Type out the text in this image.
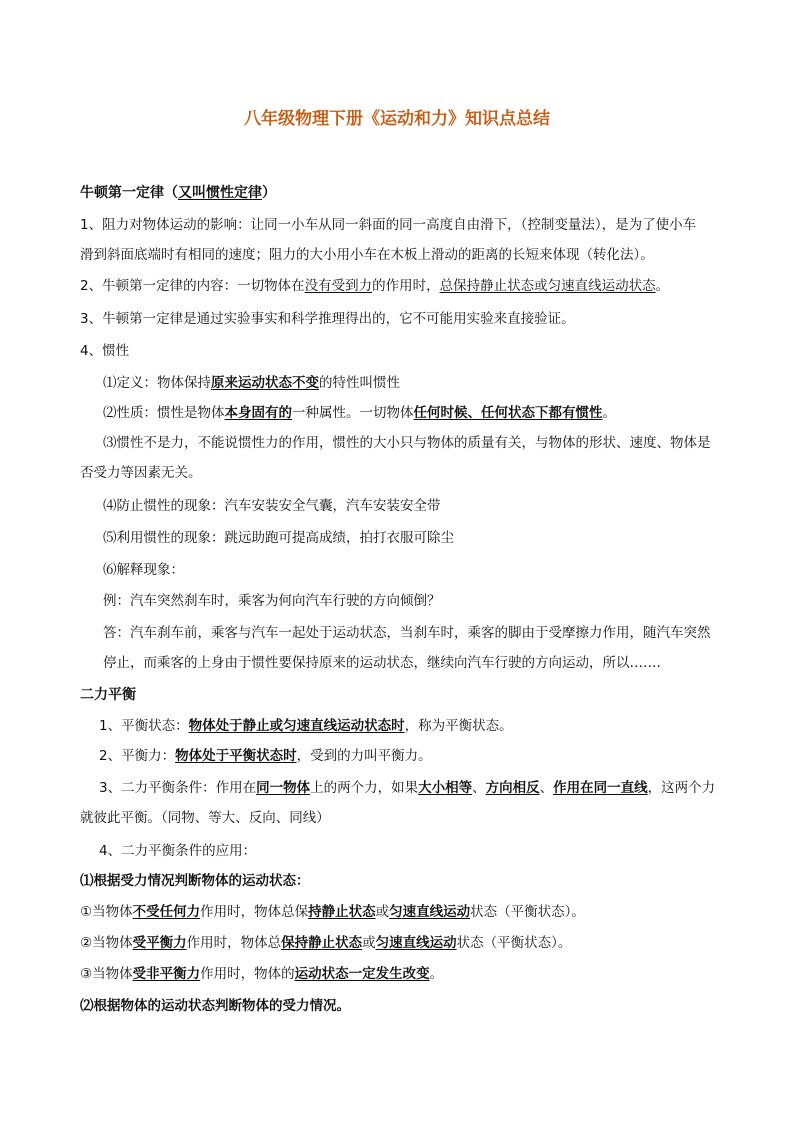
八年级物理下册《运动和力》知识点总结
牛顿第一定律（又叫惯性定律）
1、阻力对物体运动的影响：让同一小车从同一斜面的同一高度自由滑下，（控制变量法），是为了使小车
滑到斜面底端时有相同的速度；阻力的大小用小车在木板上滑动的距离的长短来体现（转化法）。
2、牛顿第一定律的内容：一切物体在没有受到力的作用时，总保持静止状态或匀速直线运动状态。
3、牛顿第一定律是通过实验事实和科学推理得出的，它不可能用实验来直接验证。
4、惯性
⑴定义：物体保持原来运动状态不变的特性叫惯性
⑵性质：惯性是物体本身固有的一种属性。一切物体任何时候、任何状态下都有惯性。
⑶惯性不是力，不能说惯性力的作用，惯性的大小只与物体的质量有关，与物体的形状、速度、物体是
否受力等因素无关。
⑷防止惯性的现象：汽车安装安全气囊，汽车安装安全带
⑸利用惯性的现象：跳远助跑可提高成绩，拍打衣服可除尘
⑹解释现象：
例：汽车突然刹车时，乘客为何向汽车行驶的方向倾倒？
答：汽车刹车前，乘客与汽车一起处于运动状态，当刹车时，乘客的脚由于受摩擦力作用，随汽车突然
停止，而乘客的上身由于惯性要保持原来的运动状态，继续向汽车行驶的方向运动，所以…….
二力平衡
1、平衡状态：物体处于静止或匀速直线运动状态时，称为平衡状态。
2、平衡力：物体处于平衡状态时，受到的力叫平衡力。
3、二力平衡条件：作用在同一物体上的两个力，如果大小相等、方向相反、作用在同一直线，这两个力
就彼此平衡。（同物、等大、反向、同线）
4、二力平衡条件的应用：
⑴根据受力情况判断物体的运动状态：
①当物体不受任何力作用时，物体总保持静止状态或匀速直线运动状态（平衡状态）。
②当物体受平衡力作用时，物体总保持静止状态或匀速直线运动状态（平衡状态）。
③当物体受非平衡力作用时，物体的运动状态一定发生改变。
⑵根据物体的运动状态判断物体的受力情况。
